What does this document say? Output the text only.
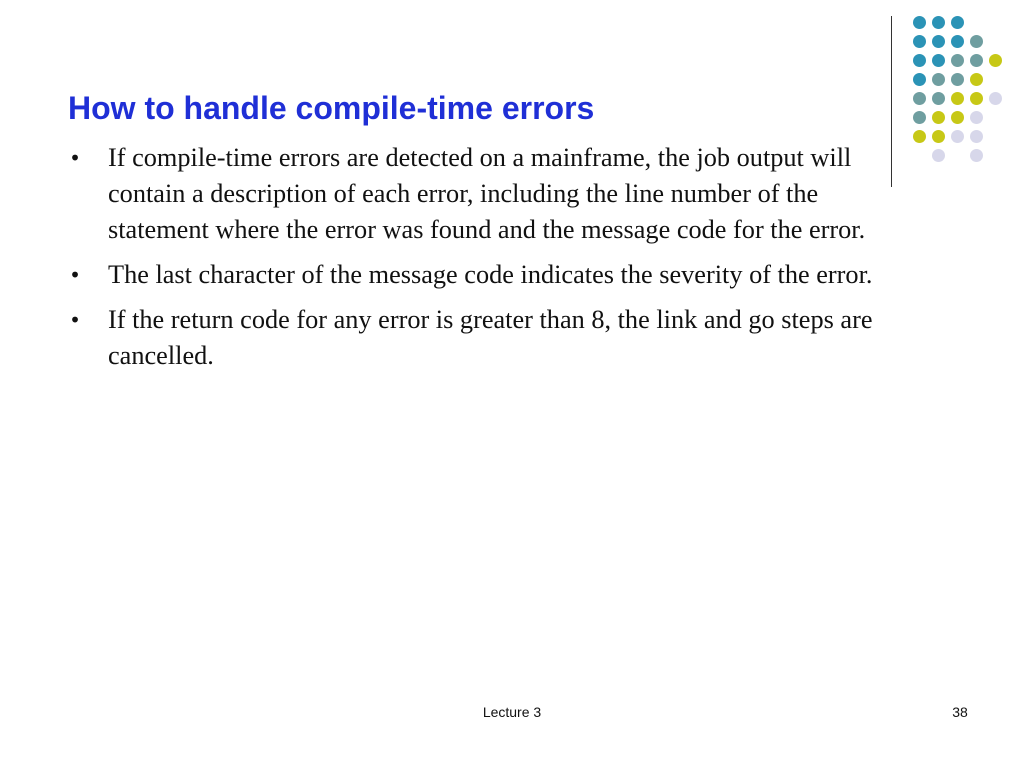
How to handle compile-time errors
• If compile-time errors are detected on a mainframe, the job output will contain a description of each error, including the line number of the statement where the error was found and the message code for the error.
• The last character of the message code indicates the severity of the error.
• If the return code for any error is greater than 8, the link and go steps are cancelled.
Lecture 3	38
